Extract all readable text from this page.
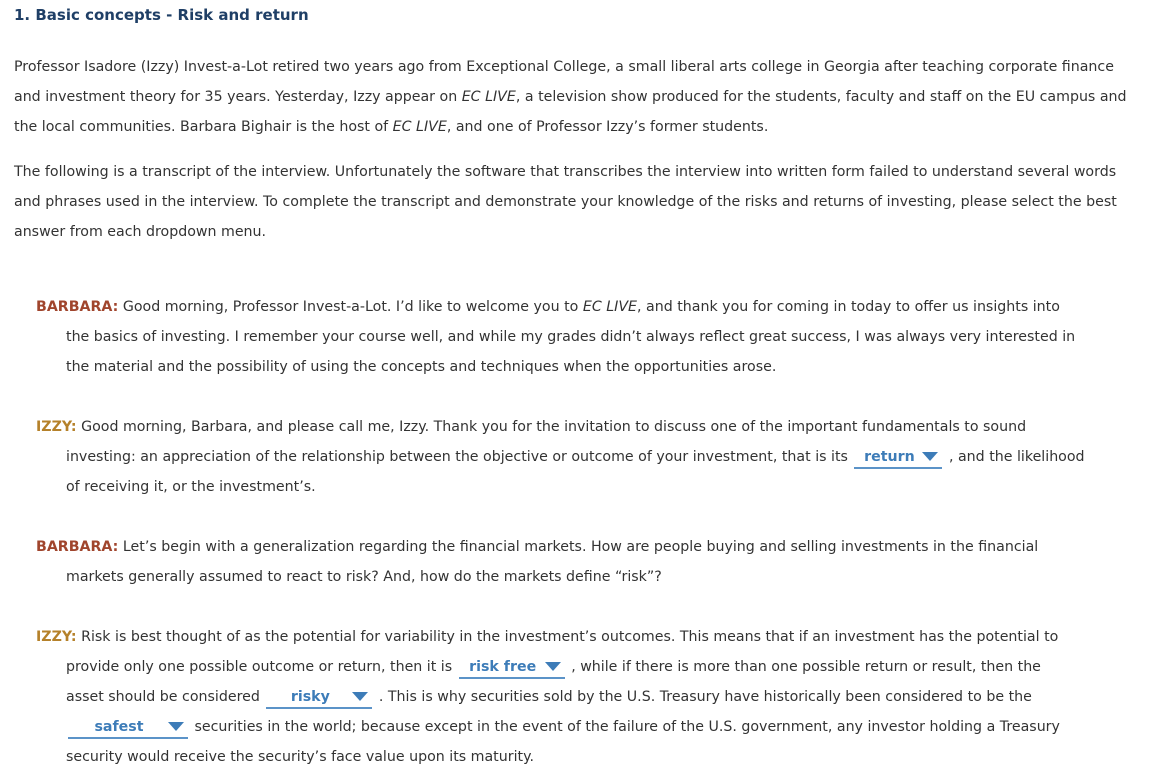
1. Basic concepts - Risk and return
Professor Isadore (Izzy) Invest-a-Lot retired two years ago from Exceptional College, a small liberal arts college in Georgia after teaching corporate finance and investment theory for 35 years. Yesterday, Izzy appear on EC LIVE, a television show produced for the students, faculty and staff on the EU campus and the local communities. Barbara Bighair is the host of EC LIVE, and one of Professor Izzy’s former students.
The following is a transcript of the interview. Unfortunately the software that transcribes the interview into written form failed to understand several words and phrases used in the interview. To complete the transcript and demonstrate your knowledge of the risks and returns of investing, please select the best answer from each dropdown menu.
BARBARA: Good morning, Professor Invest-a-Lot. I’d like to welcome you to EC LIVE, and thank you for coming in today to offer us insights into
the basics of investing. I remember your course well, and while my grades didn’t always reflect great success, I was always very interested in
the material and the possibility of using the concepts and techniques when the opportunities arose.
IZZY: Good morning, Barbara, and please call me, Izzy. Thank you for the invitation to discuss one of the important fundamentals to sound
investing: an appreciation of the relationship between the objective or outcome of your investment, that is its return , and the likelihood
of receiving it, or the investment’s.
BARBARA: Let’s begin with a generalization regarding the financial markets. How are people buying and selling investments in the financial
markets generally assumed to react to risk? And, how do the markets define “risk”?
IZZY: Risk is best thought of as the potential for variability in the investment’s outcomes. This means that if an investment has the potential to
provide only one possible outcome or return, then it is risk free , while if there is more than one possible return or result, then the
asset should be considered risky	. This is why securities sold by the U.S. Treasury have historically been considered to be the
safest	securities in the world; because except in the event of the failure of the U.S. government, any investor holding a Treasury
security would receive the security’s face value upon its maturity.
